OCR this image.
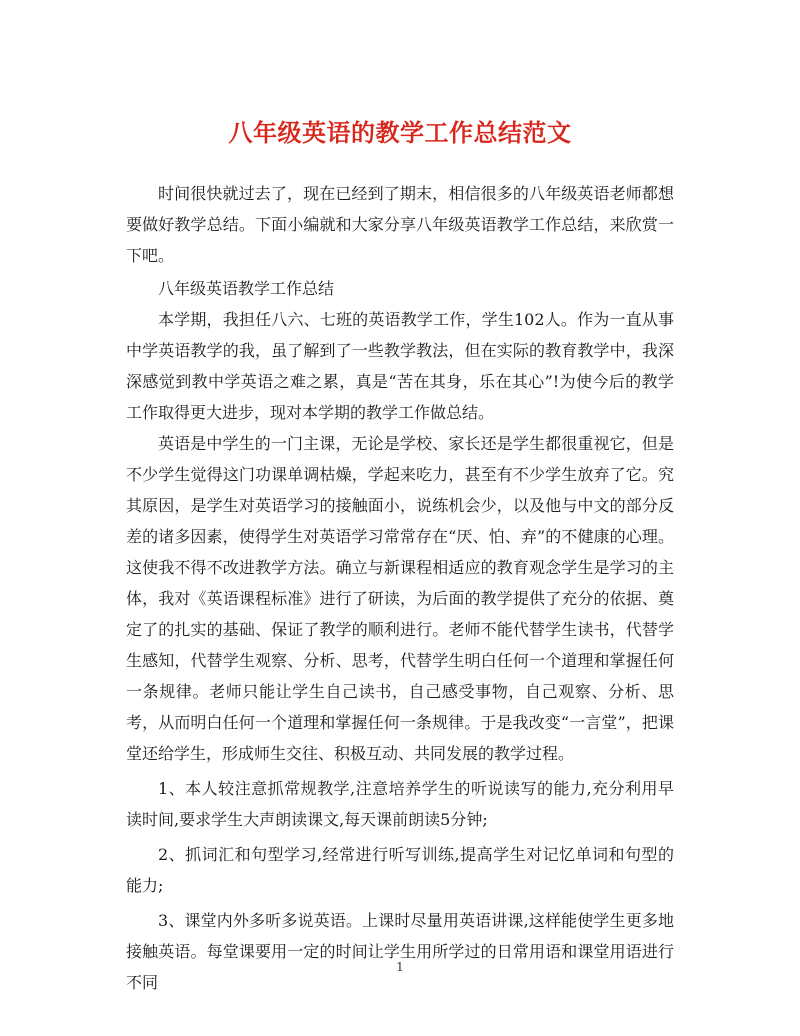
八年级英语的教学工作总结范文

时间很快就过去了，现在已经到了期末，相信很多的八年级英语老师都想要做好教学总结。下面小编就和大家分享八年级英语教学工作总结，来欣赏一下吧。

八年级英语教学工作总结

本学期，我担任八六、七班的英语教学工作，学生102人。作为一直从事中学英语教学的我，虽了解到了一些教学教法，但在实际的教育教学中，我深深感觉到教中学英语之难之累，真是“苦在其身，乐在其心”!为使今后的教学工作取得更大进步，现对本学期的教学工作做总结。

英语是中学生的一门主课，无论是学校、家长还是学生都很重视它，但是不少学生觉得这门功课单调枯燥，学起来吃力，甚至有不少学生放弃了它。究其原因，是学生对英语学习的接触面小，说练机会少，以及他与中文的部分反差的诸多因素，使得学生对英语学习常常存在“厌、怕、弃”的不健康的心理。这使我不得不改进教学方法。确立与新课程相适应的教育观念学生是学习的主体，我对《英语课程标准》进行了研读，为后面的教学提供了充分的依据、奠定了的扎实的基础、保证了教学的顺利进行。老师不能代替学生读书，代替学生感知，代替学生观察、分析、思考，代替学生明白任何一个道理和掌握任何一条规律。老师只能让学生自己读书，自己感受事物，自己观察、分析、思考，从而明白任何一个道理和掌握任何一条规律。于是我改变“一言堂”，把课堂还给学生，形成师生交往、积极互动、共同发展的教学过程。

1、本人较注意抓常规教学,注意培养学生的听说读写的能力,充分利用早读时间,要求学生大声朗读课文,每天课前朗读5分钟;

2、抓词汇和句型学习,经常进行听写训练,提高学生对记忆单词和句型的能力;

3、课堂内外多听多说英语。上课时尽量用英语讲课,这样能使学生更多地接触英语。每堂课要用一定的时间让学生用所学过的日常用语和课堂用语进行不同

1
